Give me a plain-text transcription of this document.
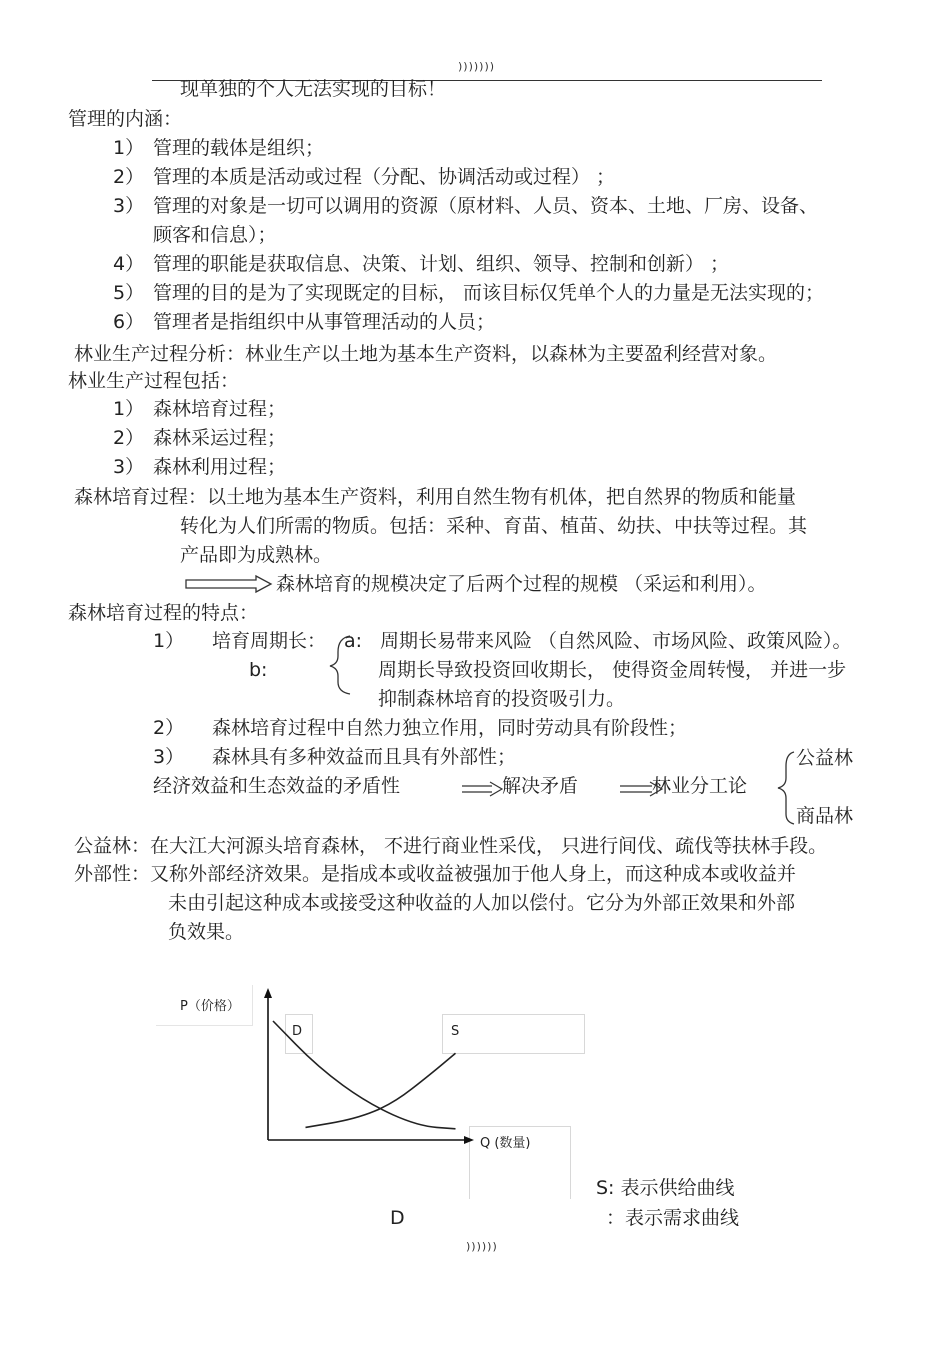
)))))))
现单独的个人无法实现的目标！
管理的内涵：
1） 管理的载体是组织；
2） 管理的本质是活动或过程（分配、协调活动或过程） ；
3） 管理的对象是一切可以调用的资源（原材料、人员、资本、土地、厂房、设备、
顾客和信息）；
4） 管理的职能是获取信息、决策、计划、组织、领导、控制和创新） ；
5） 管理的目的是为了实现既定的目标， 而该目标仅凭单个人的力量是无法实现的；
6） 管理者是指组织中从事管理活动的人员；
林业生产过程分析：林业生产以土地为基本生产资料，以森林为主要盈利经营对象。
林业生产过程包括：
1） 森林培育过程；
2） 森林采运过程；
3） 森林利用过程；
森林培育过程：以土地为基本生产资料，利用自然生物有机体，把自然界的物质和能量
转化为人们所需的物质。包括：采种、育苗、植苗、幼扶、中扶等过程。其
产品即为成熟林。
森林培育的规模决定了后两个过程的规模 （采运和利用）。
森林培育过程的特点：
1） 培育周期长： a: 周期长易带来风险 （自然风险、市场风险、政策风险）。
b:	周期长导致投资回收期长， 使得资金周转慢， 并进一步
抑制森林培育的投资吸引力。
2） 森林培育过程中自然力独立作用，同时劳动具有阶段性；
3） 森林具有多种效益而且具有外部性；
经济效益和生态效益的矛盾性	解决矛盾	林业分工论
公益林
商品林
公益林：在大江大河源头培育森林， 不进行商业性采伐， 只进行间伐、疏伐等扶林手段。
外部性：又称外部经济效果。是指成本或收益被强加于他人身上，而这种成本或收益并
未由引起这种成本或接受这种收益的人加以偿付。它分为外部正效果和外部
负效果。
P（价格）
D	S
Q (数量)
S: 表示供给曲线
D	：表示需求曲线
))))))
